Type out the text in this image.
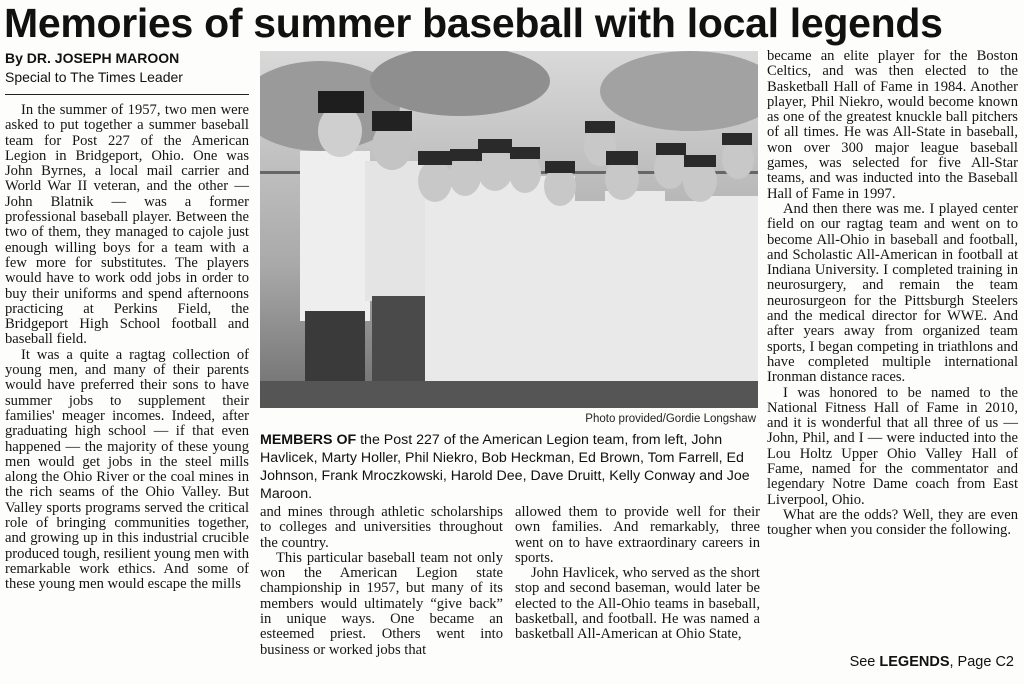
Memories of summer baseball with local legends
By DR. JOSEPH MAROON
Special to The Times Leader

In the summer of 1957, two men were asked to put together a summer baseball team for Post 227 of the American Legion in Bridgeport, Ohio. One was John Byrnes, a local mail carrier and World War II veteran, and the other — John Blatnik — was a former professional baseball player. Between the two of them, they managed to cajole just enough willing boys for a team with a few more for substitutes. The players would have to work odd jobs in order to buy their uniforms and spend afternoons practicing at Perkins Field, the Bridgeport High School football and baseball field.

It was a quite a ragtag collection of young men, and many of their parents would have preferred their sons to have summer jobs to supplement their families' meager incomes. Indeed, after graduating high school — if that even happened — the majority of these young men would get jobs in the steel mills along the Ohio River or the coal mines in the rich seams of the Ohio Valley. But Valley sports programs served the critical role of bringing communities together, and growing up in this industrial crucible produced tough, resilient young men with remarkable work ethics. And some of these young men would escape the mills

Photo provided/Gordie Longshaw
MEMBERS OF the Post 227 of the American Legion team, from left, John Havlicek, Marty Holler, Phil Niekro, Bob Heckman, Ed Brown, Tom Farrell, Ed Johnson, Frank Mroczkowski, Harold Dee, Dave Druitt, Kelly Conway and Joe Maroon.

and mines through athletic scholarships to colleges and universities throughout the country.

This particular baseball team not only won the American Legion state championship in 1957, but many of its members would ultimately “give back” in unique ways. One became an esteemed priest. Others went into business or worked jobs that

allowed them to provide well for their own families. And remarkably, three went on to have extraordinary careers in sports.

John Havlicek, who served as the short stop and second baseman, would later be elected to the All-Ohio teams in baseball, basketball, and football. He was named a basketball All-American at Ohio State,

became an elite player for the Boston Celtics, and was then elected to the Basketball Hall of Fame in 1984. Another player, Phil Niekro, would become known as one of the greatest knuckle ball pitchers of all times. He was All-State in baseball, won over 300 major league baseball games, was selected for five All-Star teams, and was inducted into the Baseball Hall of Fame in 1997.

And then there was me. I played center field on our ragtag team and went on to become All-Ohio in baseball and football, and Scholastic All-American in football at Indiana University. I completed training in neurosurgery, and remain the team neurosurgeon for the Pittsburgh Steelers and the medical director for WWE. And after years away from organized team sports, I began competing in triathlons and have completed multiple international Ironman distance races.

I was honored to be named to the National Fitness Hall of Fame in 2010, and it is wonderful that all three of us — John, Phil, and I — were inducted into the Lou Holtz Upper Ohio Valley Hall of Fame, named for the commentator and legendary Notre Dame coach from East Liverpool, Ohio.

What are the odds? Well, they are even tougher when you consider the following.

See LEGENDS, Page C2
